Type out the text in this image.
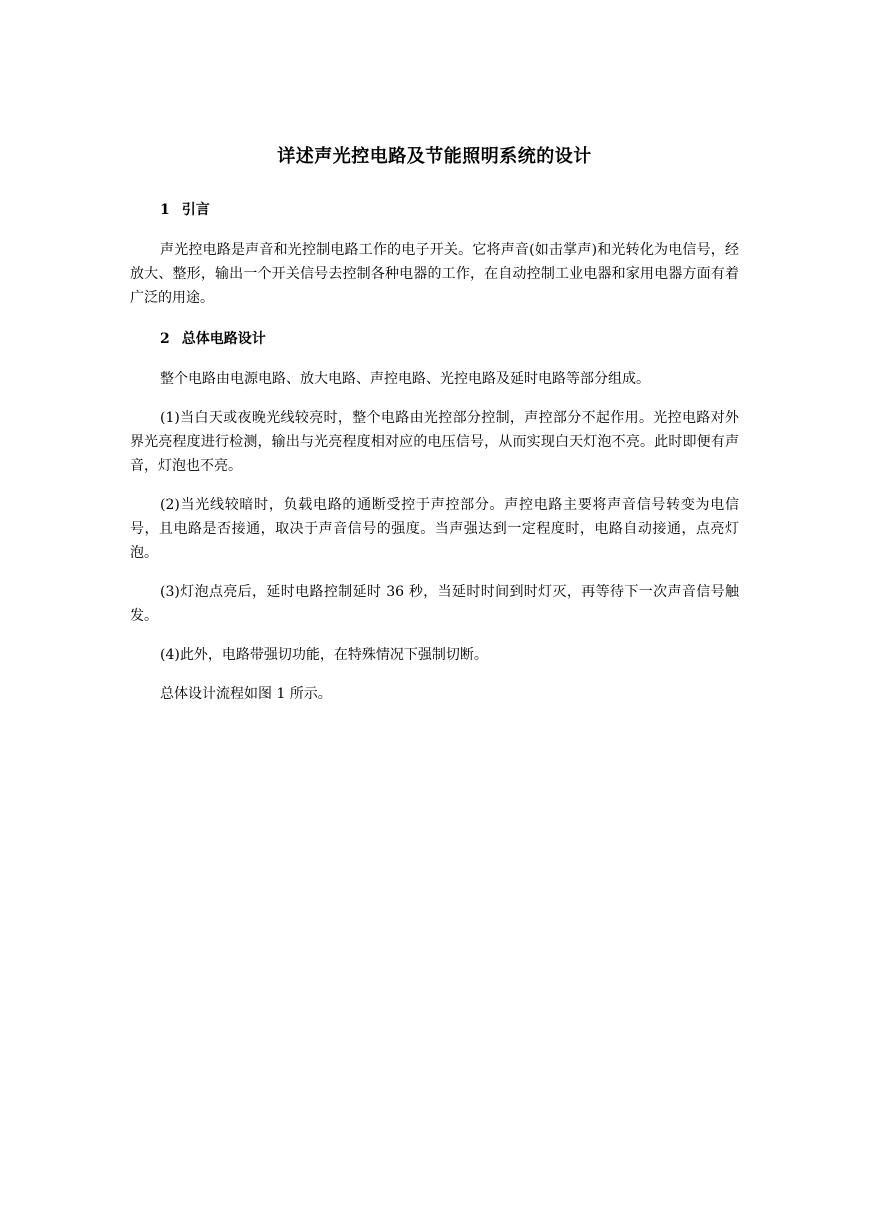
详述声光控电路及节能照明系统的设计
1 引言

声光控电路是声音和光控制电路工作的电子开关。它将声音(如击掌声)和光转化为电信号，经放大、整形，输出一个开关信号去控制各种电器的工作，在自动控制工业电器和家用电器方面有着广泛的用途。

2 总体电路设计

整个电路由电源电路、放大电路、声控电路、光控电路及延时电路等部分组成。

(1)当白天或夜晚光线较亮时，整个电路由光控部分控制，声控部分不起作用。光控电路对外界光亮程度进行检测，输出与光亮程度相对应的电压信号，从而实现白天灯泡不亮。此时即便有声音，灯泡也不亮。

(2)当光线较暗时，负载电路的通断受控于声控部分。声控电路主要将声音信号转变为电信号，且电路是否接通，取决于声音信号的强度。当声强达到一定程度时，电路自动接通，点亮灯泡。

(3)灯泡点亮后，延时电路控制延时 36 秒，当延时时间到时灯灭，再等待下一次声音信号触发。

(4)此外，电路带强切功能，在特殊情况下强制切断。

总体设计流程如图 1 所示。
